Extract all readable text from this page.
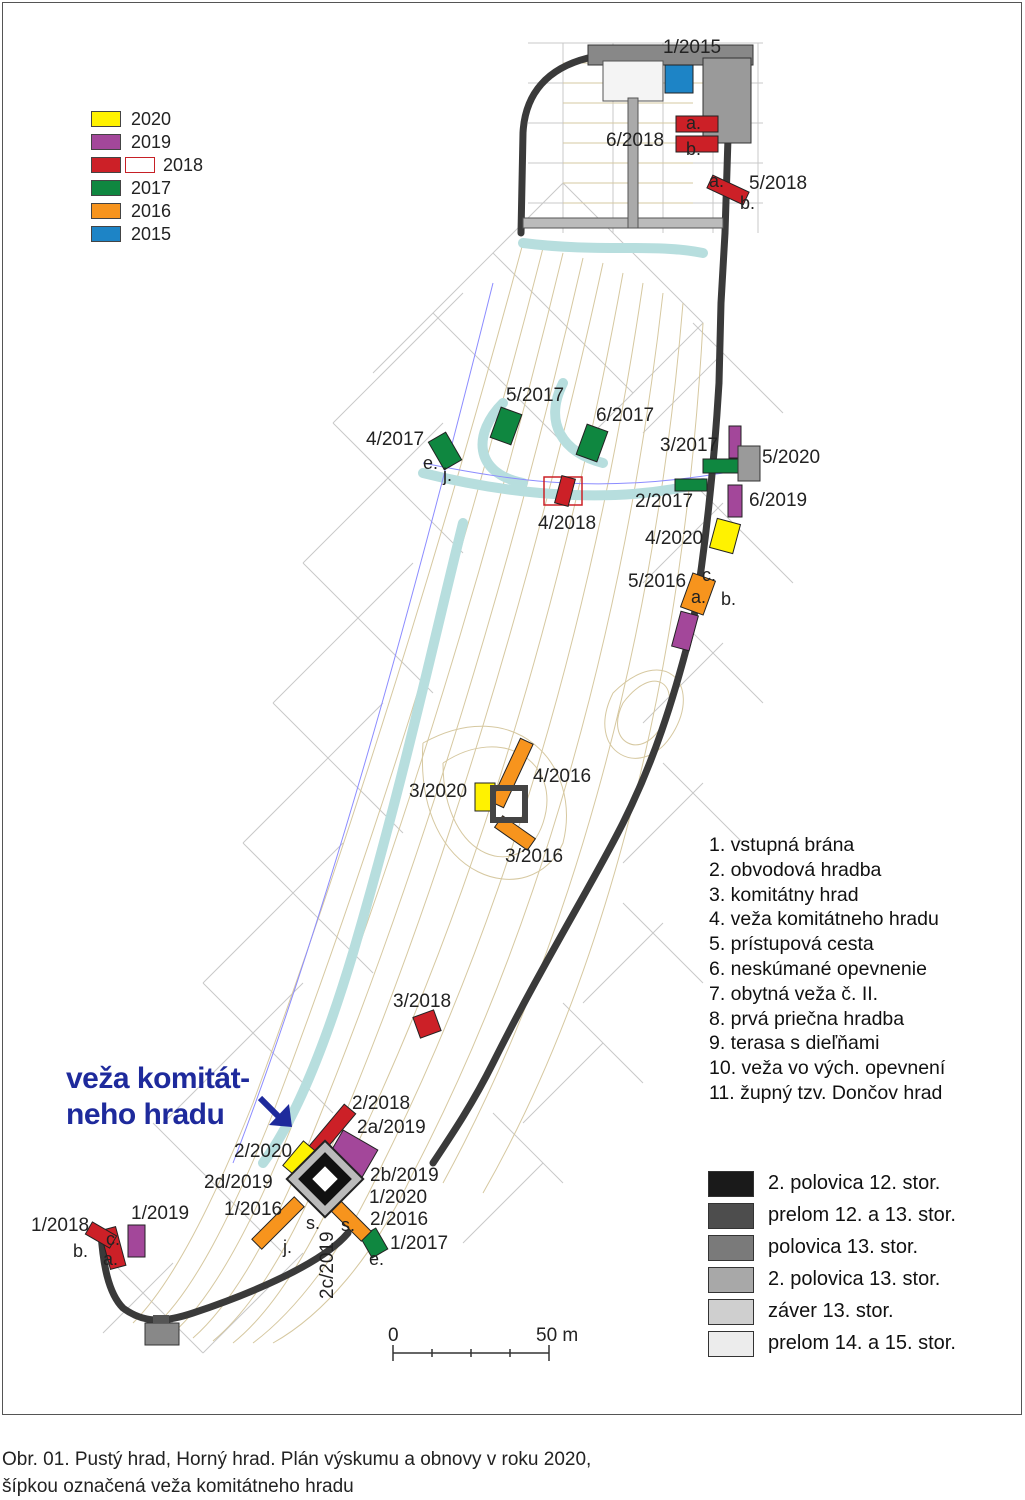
1/2015
6/2018
a.
b.
5/2018
a.
b.
5/2017
6/2017
4/2017
e.
j.
3/2017
5/2020
6/2019
2/2017
4/2018
4/2020
5/2016 c.
a. b.
4/2016
3/2020
3/2016
3/2018
2/2018
2a/2019
2/2020
2d/2019	2b/2019
1/2020
1/2016	2/2016
s.
j.
s.
1/2017
e.
2c/2019
1/2018
c.
a.
b.
1/2019
0	50 m
2020
2019
2018
2017
2016
2015
1. vstupná brána
2. obvodová hradba
3. komitátny hrad
4. veža komitátneho hradu
5. prístupová cesta
6. neskúmané opevnenie
7. obytná veža č. II.
8. prvá priečna hradba
9. terasa s dieľňami
10. veža vo vých. opevnení
11. župný tzv. Dončov hrad
2. polovica 12. stor.
prelom 12. a 13. stor.
polovica 13. stor.
2. polovica 13. stor.
záver 13. stor.
prelom 14. a 15. stor.
veža komitát-
neho hradu
Obr. 01. Pustý hrad, Horný hrad. Plán výskumu a obnovy v roku 2020,
šípkou označená veža komitátneho hradu
